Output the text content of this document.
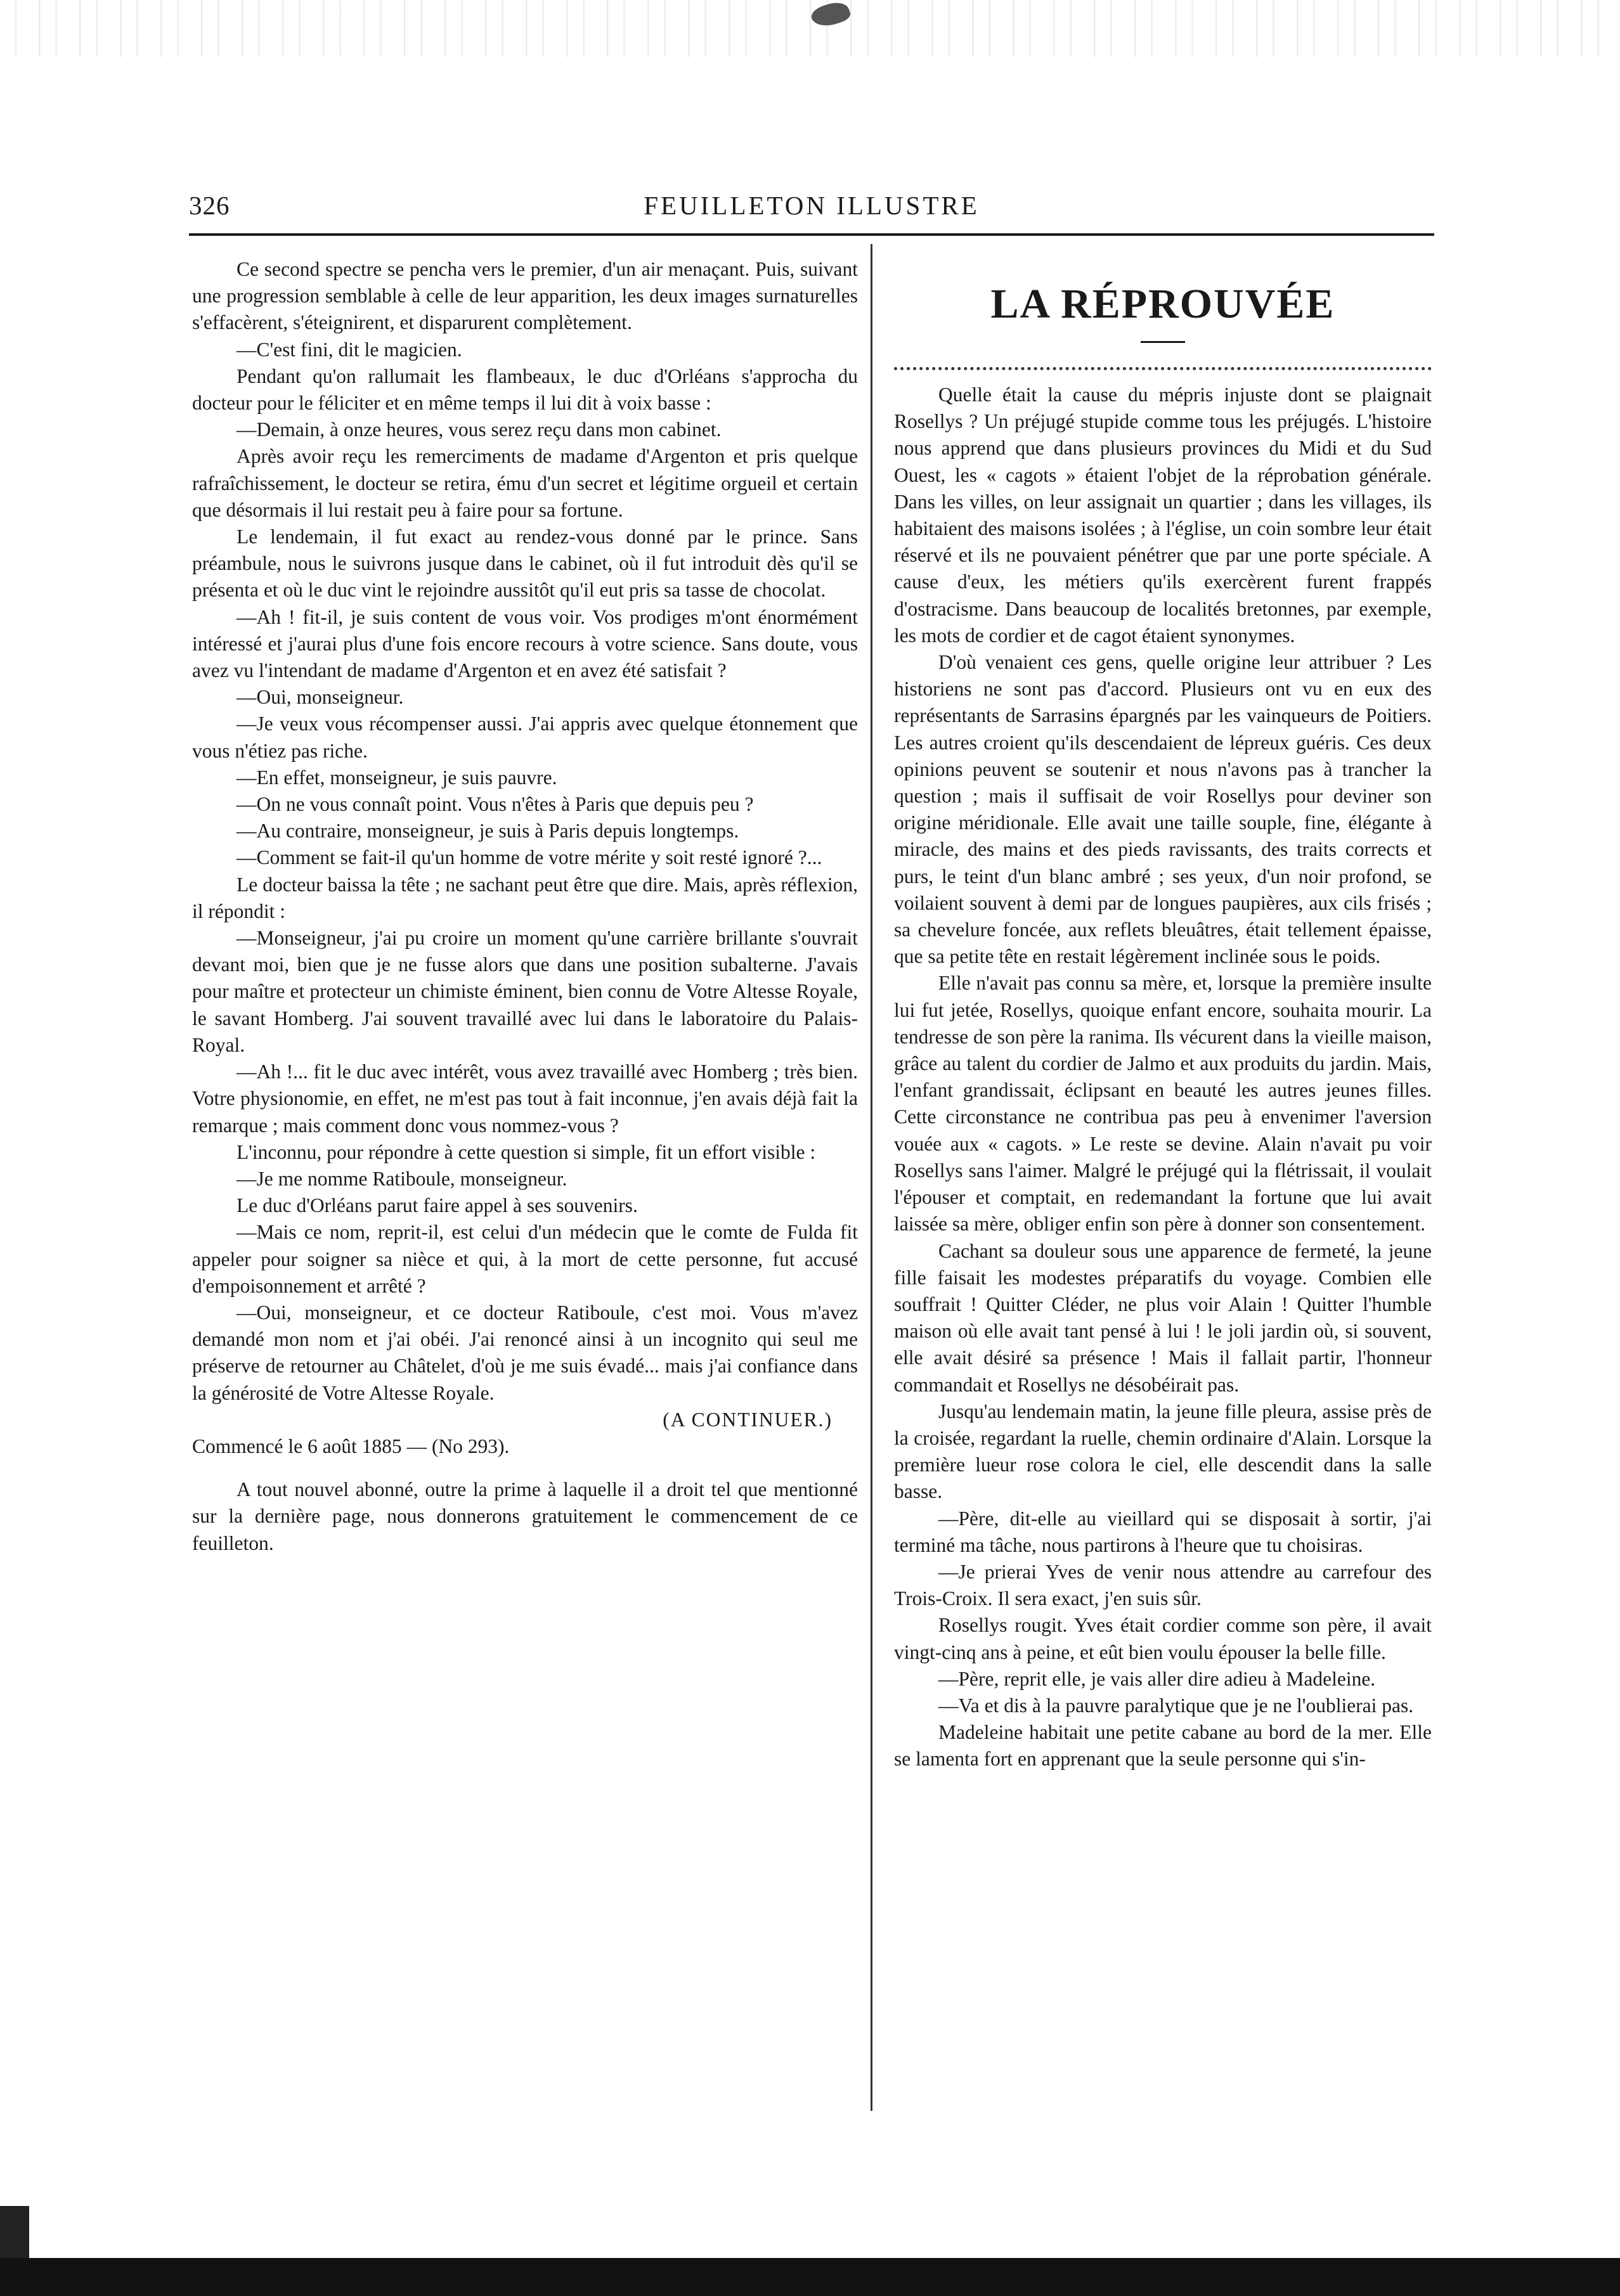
326	FEUILLETON ILLUSTRE

Ce second spectre se pencha vers le premier, d'un air menaçant. Puis, suivant une progression semblable à celle de leur apparition, les deux images surnaturelles s'effacèrent, s'éteignirent, et disparurent complètement.

—C'est fini, dit le magicien.

Pendant qu'on rallumait les flambeaux, le duc d'Orléans s'approcha du docteur pour le féliciter et en même temps il lui dit à voix basse :

—Demain, à onze heures, vous serez reçu dans mon cabinet.

Après avoir reçu les remerciments de madame d'Argenton et pris quelque rafraîchissement, le docteur se retira, ému d'un secret et légitime orgueil et certain que désormais il lui restait peu à faire pour sa fortune.

Le lendemain, il fut exact au rendez-vous donné par le prince. Sans préambule, nous le suivrons jusque dans le cabinet, où il fut introduit dès qu'il se présenta et où le duc vint le rejoindre aussitôt qu'il eut pris sa tasse de chocolat.

—Ah ! fit-il, je suis content de vous voir. Vos prodiges m'ont énormément intéressé et j'aurai plus d'une fois encore recours à votre science. Sans doute, vous avez vu l'intendant de madame d'Argenton et en avez été satisfait ?

—Oui, monseigneur.

—Je veux vous récompenser aussi. J'ai appris avec quelque étonnement que vous n'étiez pas riche.

—En effet, monseigneur, je suis pauvre.

—On ne vous connaît point. Vous n'êtes à Paris que depuis peu ?

—Au contraire, monseigneur, je suis à Paris depuis longtemps.

—Comment se fait-il qu'un homme de votre mérite y soit resté ignoré ?...

Le docteur baissa la tête ; ne sachant peut être que dire. Mais, après réflexion, il répondit :

—Monseigneur, j'ai pu croire un moment qu'une carrière brillante s'ouvrait devant moi, bien que je ne fusse alors que dans une position subalterne. J'avais pour maître et protecteur un chimiste éminent, bien connu de Votre Altesse Royale, le savant Homberg. J'ai souvent travaillé avec lui dans le laboratoire du Palais-Royal.

—Ah !... fit le duc avec intérêt, vous avez travaillé avec Homberg ; très bien. Votre physionomie, en effet, ne m'est pas tout à fait inconnue, j'en avais déjà fait la remarque ; mais comment donc vous nommez-vous ?

L'inconnu, pour répondre à cette question si simple, fit un effort visible :

—Je me nomme Ratiboule, monseigneur.

Le duc d'Orléans parut faire appel à ses souvenirs.

—Mais ce nom, reprit-il, est celui d'un médecin que le comte de Fulda fit appeler pour soigner sa nièce et qui, à la mort de cette personne, fut accusé d'empoisonnement et arrêté ?

—Oui, monseigneur, et ce docteur Ratiboule, c'est moi. Vous m'avez demandé mon nom et j'ai obéi. J'ai renoncé ainsi à un incognito qui seul me préserve de retourner au Châtelet, d'où je me suis évadé... mais j'ai confiance dans la générosité de Votre Altesse Royale.

(A CONTINUER.)

Commencé le 6 août 1885 — (No 293).

A tout nouvel abonné, outre la prime à laquelle il a droit tel que mentionné sur la dernière page, nous donnerons gratuitement le commencement de ce feuilleton.

LA RÉPROUVÉE

Quelle était la cause du mépris injuste dont se plaignait Rosellys ? Un préjugé stupide comme tous les préjugés. L'histoire nous apprend que dans plusieurs provinces du Midi et du Sud Ouest, les « cagots » étaient l'objet de la réprobation générale. Dans les villes, on leur assignait un quartier ; dans les villages, ils habitaient des maisons isolées ; à l'église, un coin sombre leur était réservé et ils ne pouvaient pénétrer que par une porte spéciale. A cause d'eux, les métiers qu'ils exercèrent furent frappés d'ostracisme. Dans beaucoup de localités bretonnes, par exemple, les mots de cordier et de cagot étaient synonymes.

D'où venaient ces gens, quelle origine leur attribuer ? Les historiens ne sont pas d'accord. Plusieurs ont vu en eux des représentants de Sarrasins épargnés par les vainqueurs de Poitiers. Les autres croient qu'ils descendaient de lépreux guéris. Ces deux opinions peuvent se soutenir et nous n'avons pas à trancher la question ; mais il suffisait de voir Rosellys pour deviner son origine méridionale. Elle avait une taille souple, fine, élégante à miracle, des mains et des pieds ravissants, des traits corrects et purs, le teint d'un blanc ambré ; ses yeux, d'un noir profond, se voilaient souvent à demi par de longues paupières, aux cils frisés ; sa chevelure foncée, aux reflets bleuâtres, était tellement épaisse, que sa petite tête en restait légèrement inclinée sous le poids.

Elle n'avait pas connu sa mère, et, lorsque la première insulte lui fut jetée, Rosellys, quoique enfant encore, souhaita mourir. La tendresse de son père la ranima. Ils vécurent dans la vieille maison, grâce au talent du cordier de Jalmo et aux produits du jardin. Mais, l'enfant grandissait, éclipsant en beauté les autres jeunes filles. Cette circonstance ne contribua pas peu à envenimer l'aversion vouée aux « cagots. » Le reste se devine. Alain n'avait pu voir Rosellys sans l'aimer. Malgré le préjugé qui la flétrissait, il voulait l'épouser et comptait, en redemandant la fortune que lui avait laissée sa mère, obliger enfin son père à donner son consentement.

Cachant sa douleur sous une apparence de fermeté, la jeune fille faisait les modestes préparatifs du voyage. Combien elle souffrait ! Quitter Cléder, ne plus voir Alain ! Quitter l'humble maison où elle avait tant pensé à lui ! le joli jardin où, si souvent, elle avait désiré sa présence ! Mais il fallait partir, l'honneur commandait et Rosellys ne désobéirait pas.

Jusqu'au lendemain matin, la jeune fille pleura, assise près de la croisée, regardant la ruelle, chemin ordinaire d'Alain. Lorsque la première lueur rose colora le ciel, elle descendit dans la salle basse.

—Père, dit-elle au vieillard qui se disposait à sortir, j'ai terminé ma tâche, nous partirons à l'heure que tu choisiras.

—Je prierai Yves de venir nous attendre au carrefour des Trois-Croix. Il sera exact, j'en suis sûr.

Rosellys rougit. Yves était cordier comme son père, il avait vingt-cinq ans à peine, et eût bien voulu épouser la belle fille.

—Père, reprit elle, je vais aller dire adieu à Madeleine.

—Va et dis à la pauvre paralytique que je ne l'oublierai pas.

Madeleine habitait une petite cabane au bord de la mer. Elle se lamenta fort en apprenant que la seule personne qui s'in-
